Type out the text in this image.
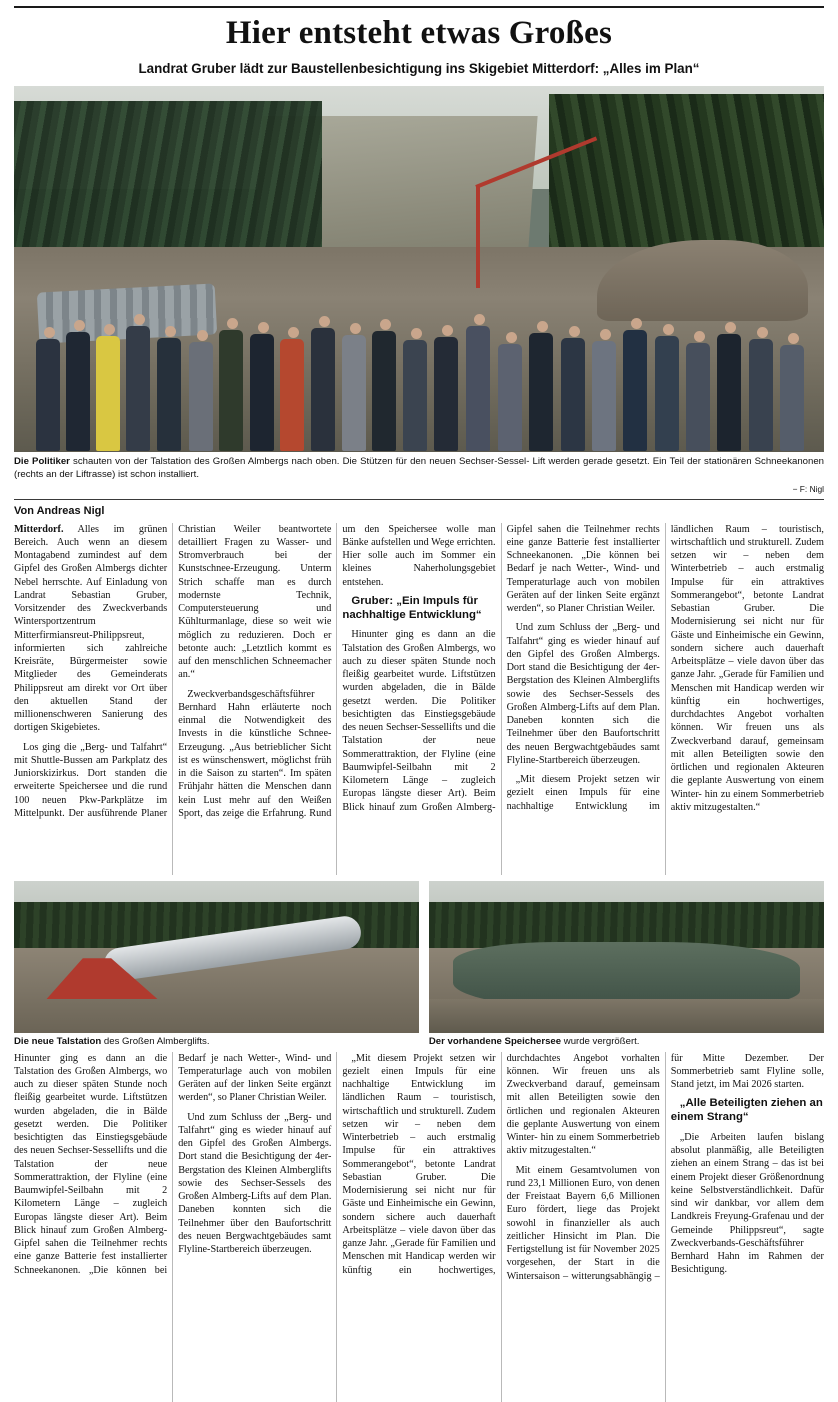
Hier entsteht etwas Großes
Landrat Gruber lädt zur Baustellenbesichtigung ins Skigebiet Mitterdorf: „Alles im Plan“
Die Politiker schauten von der Talstation des Großen Almbergs nach oben. Die Stützen für den neuen Sechser-Sessel- Lift werden gerade gesetzt. Ein Teil der stationären Schneekanonen (rechts an der Liftrasse) ist schon installiert.
− F: Nigl
Von Andreas Nigl

Mitterdorf. Alles im grünen Bereich. Auch wenn an diesem Montagabend zumindest auf dem Gipfel des Großen Almbergs dichter Nebel herrschte. Auf Einladung von Landrat Sebastian Gruber, Vorsitzender des Zweckverbands Wintersportzentrum Mitterfirmiansreut-Philippsreut, informierten sich zahlreiche Kreisräte, Bürgermeister sowie Mitglieder des Gemeinderats Philippsreut am direkt vor Ort über den aktuellen Stand der millionenschweren Sanierung des dortigen Skigebietes.

Los ging die „Berg- und Talfahrt“ mit Shuttle-Bussen am Parkplatz des Juniorskizirkus. Dort standen die erweiterte Speichersee und die rund 100 neuen Pkw-Parkplätze im Mittelpunkt. Der ausführende Planer Christian Weiler beantwortete detailliert Fragen zu Wasser- und Stromverbrauch bei der Kunstschnee-Erzeugung. Unterm Strich schaffe man es durch modernste Technik, Computersteuerung und Kühlturmanlage, diese so weit wie möglich zu reduzieren. Doch er betonte auch: „Letztlich kommt es auf den menschlichen Schneemacher an.“

Zweckverbandsgeschäftsführer Bernhard Hahn erläuterte noch einmal die Notwendigkeit des Invests in die künstliche Schnee-Erzeugung. „Aus betrieblicher Sicht ist es wünschenswert, möglichst früh in die Saison zu starten“. Im späten Frühjahr hätten die Menschen dann kein Lust mehr auf den Weißen Sport, das zeige die Erfahrung. Rund um den Speichersee wolle man Bänke aufstellen und Wege errichten. Hier solle auch im Sommer ein kleines Naherholungsgebiet entstehen.

Gruber: „Ein Impuls für nachhaltige Entwicklung“

Hinunter ging es dann an die Talstation des Großen Almbergs, wo auch zu dieser späten Stunde noch fleißig gearbeitet wurde. Liftstützen wurden abgeladen, die in Bälde gesetzt werden. Die Politiker besichtigten das Einstiegsgebäude des neuen Sechser-Sessellifts und die Talstation der neue Sommerattraktion, der Flyline (eine Baumwipfel-Seilbahn mit 2 Kilometern Länge – zugleich Europas längste dieser Art). Beim Blick hinauf zum Großen Almberg-Gipfel sahen die Teilnehmer rechts eine ganze Batterie fest installierter Schneekanonen. „Die können bei Bedarf je nach Wetter-, Wind- und Temperaturlage auch von mobilen Geräten auf der linken Seite ergänzt werden“, so Planer Christian Weiler.

Und zum Schluss der „Berg- und Talfahrt“ ging es wieder hinauf auf den Gipfel des Großen Almbergs. Dort stand die Besichtigung der 4er-Bergstation des Kleinen Almberglifts sowie des Sechser-Sessels des Großen Almberg-Lifts auf dem Plan. Daneben konnten sich die Teilnehmer über den Baufortschritt des neuen Bergwachtgebäudes samt Flyline-Startbereich überzeugen.

„Mit diesem Projekt setzen wir gezielt einen Impuls für eine nachhaltige Entwicklung im ländlichen Raum – touristisch, wirtschaftlich und strukturell. Zudem setzen wir – neben dem Winterbetrieb – auch erstmalig Impulse für ein attraktives Sommerangebot“, betonte Landrat Sebastian Gruber. Die Modernisierung sei nicht nur für Gäste und Einheimische ein Gewinn, sondern sichere auch dauerhaft Arbeitsplätze – viele davon über das ganze Jahr. „Gerade für Familien und Menschen mit Handicap werden wir künftig ein hochwertiges, durchdachtes Angebot vorhalten können. Wir freuen uns als Zweckverband darauf, gemeinsam mit allen Beteiligten sowie den örtlichen und regionalen Akteuren die geplante Auswertung von einem Winter- hin zu einem Sommerbetrieb aktiv mitzugestalten.“

Die neue Talstation des Großen Almberglifts.	Der vorhandene Speichersee wurde vergrößert.

Hinunter ging es dann an die Talstation des Großen Almbergs, wo auch zu dieser späten Stunde noch fleißig gearbeitet wurde. Liftstützen wurden abgeladen, die in Bälde gesetzt werden. Die Politiker besichtigten das Einstiegsgebäude des neuen Sechser-Sessellifts und die Talstation der neue Sommerattraktion, der Flyline (eine Baumwipfel-Seilbahn mit 2 Kilometern Länge – zugleich Europas längste dieser Art). Beim Blick hinauf zum Großen Almberg-Gipfel sahen die Teilnehmer rechts eine ganze Batterie fest installierter Schneekanonen. „Die können bei Bedarf je nach Wetter-, Wind- und Temperaturlage auch von mobilen Geräten auf der linken Seite ergänzt werden“, so Planer Christian Weiler.

Und zum Schluss der „Berg- und Talfahrt“ ging es wieder hinauf auf den Gipfel des Großen Almbergs. Dort stand die Besichtigung der 4er-Bergstation des Kleinen Almberglifts sowie des Sechser-Sessels des Großen Almberg-Lifts auf dem Plan. Daneben konnten sich die Teilnehmer über den Baufortschritt des neuen Bergwachtgebäudes samt Flyline-Startbereich überzeugen.

„Mit diesem Projekt setzen wir gezielt einen Impuls für eine nachhaltige Entwicklung im ländlichen Raum – touristisch, wirtschaftlich und strukturell. Zudem setzen wir – neben dem Winterbetrieb – auch erstmalig Impulse für ein attraktives Sommerangebot“, betonte Landrat Sebastian Gruber. Die Modernisierung sei nicht nur für Gäste und Einheimische ein Gewinn, sondern sichere auch dauerhaft Arbeitsplätze – viele davon über das ganze Jahr. „Gerade für Familien und Menschen mit Handicap werden wir künftig ein hochwertiges, durchdachtes Angebot vorhalten können. Wir freuen uns als Zweckverband darauf, gemeinsam mit allen Beteiligten sowie den örtlichen und regionalen Akteuren die geplante Auswertung von einem Winter- hin zu einem Sommerbetrieb aktiv mitzugestalten.“

Mit einem Gesamtvolumen von rund 23,1 Millionen Euro, von denen der Freistaat Bayern 6,6 Millionen Euro fördert, liege das Projekt sowohl in finanzieller als auch zeitlicher Hinsicht im Plan. Die Fertigstellung ist für November 2025 vorgesehen, der Start in die Wintersaison – witterungsabhängig – für Mitte Dezember. Der Sommerbetrieb samt Flyline solle, Stand jetzt, im Mai 2026 starten.

„Alle Beteiligten ziehen an einem Strang“

„Die Arbeiten laufen bislang absolut planmäßig, alle Beteiligten ziehen an einem Strang – das ist bei einem Projekt dieser Größenordnung keine Selbstverständlichkeit. Dafür sind wir dankbar, vor allem dem Landkreis Freyung-Grafenau und der Gemeinde Philippsreut“, sagte Zweckverbands-Geschäftsführer Bernhard Hahn im Rahmen der Besichtigung.
